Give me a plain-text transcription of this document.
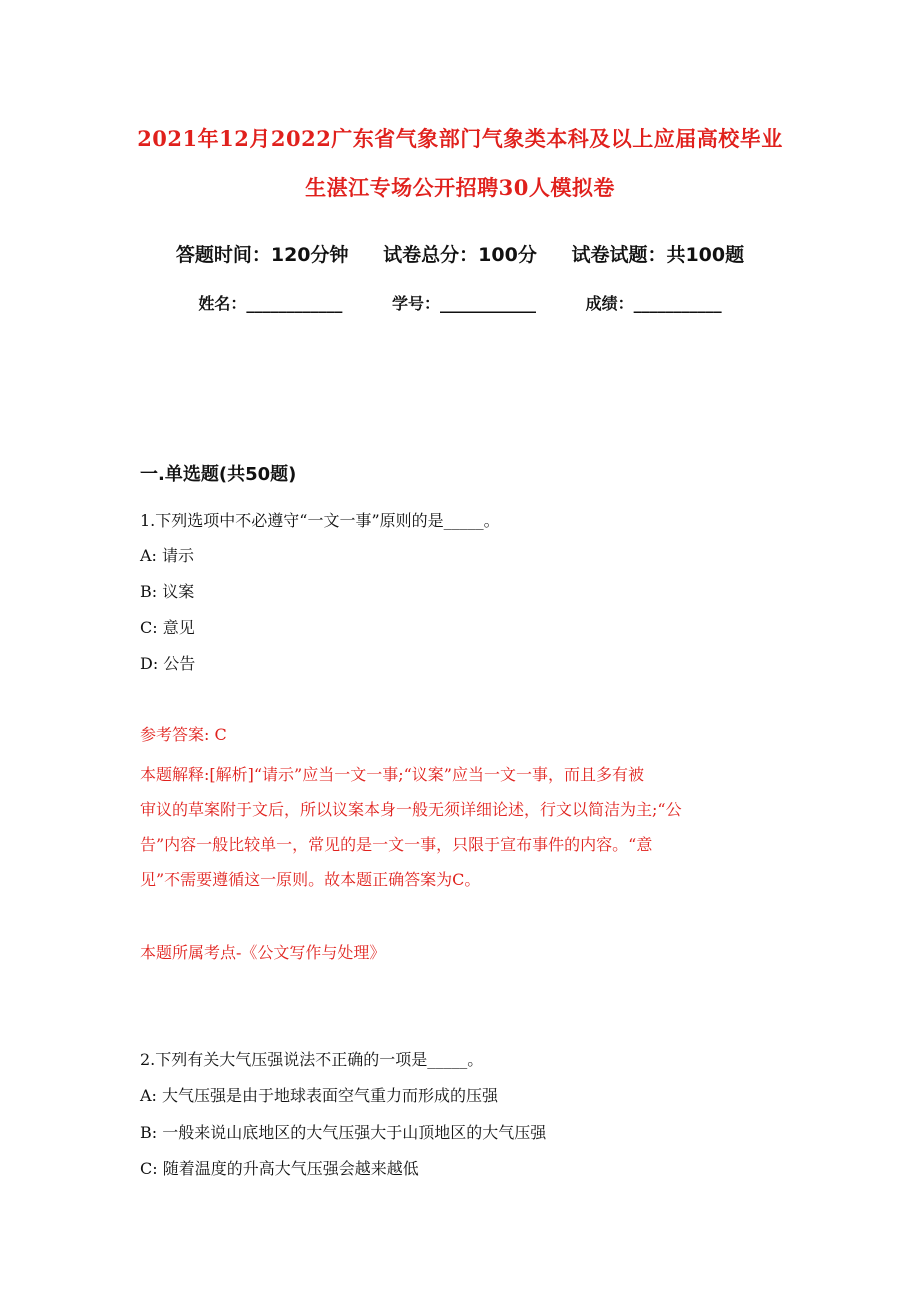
2021年12月2022广东省气象部门气象类本科及以上应届高校毕业
生湛江专场公开招聘30人模拟卷
答题时间：120分钟 试卷总分：100分 试卷试题：共100题
姓名：____________	学号：____________	成绩：___________
一.单选题(共50题)
1.下列选项中不必遵守“一文一事”原则的是_____。
A: 请示
B: 议案
C: 意见
D: 公告
参考答案: C
本题解释:[解析]“请示”应当一文一事;“议案”应当一文一事，而且多有被
审议的草案附于文后，所以议案本身一般无须详细论述，行文以简洁为主;“公
告”内容一般比较单一，常见的是一文一事，只限于宣布事件的内容。“意
见”不需要遵循这一原则。故本题正确答案为C。
本题所属考点-《公文写作与处理》
2.下列有关大气压强说法不正确的一项是_____。
A: 大气压强是由于地球表面空气重力而形成的压强
B: 一般来说山底地区的大气压强大于山顶地区的大气压强
C: 随着温度的升高大气压强会越来越低
